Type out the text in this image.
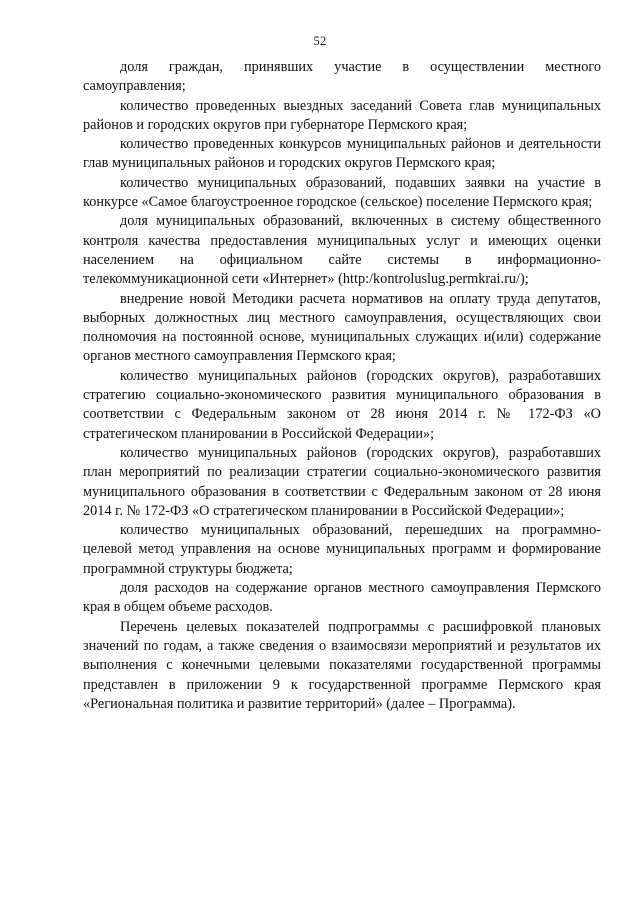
52

доля граждан, принявших участие в осуществлении местного самоуправления;

количество проведенных выездных заседаний Совета глав муниципальных районов и городских округов при губернаторе Пермского края;

количество проведенных конкурсов муниципальных районов и деятельности глав муниципальных районов и городских округов Пермского края;

количество муниципальных образований, подавших заявки на участие в конкурсе «Самое благоустроенное городское (сельское) поселение Пермского края;

доля муниципальных образований, включенных в систему общественного контроля качества предоставления муниципальных услуг и имеющих оценки населением на официальном сайте системы в информационно-телекоммуникационной сети «Интернет» (http:/kontroluslug.permkrai.ru/);

внедрение новой Методики расчета нормативов на оплату труда депутатов, выборных должностных лиц местного самоуправления, осуществляющих свои полномочия на постоянной основе, муниципальных служащих и(или) содержание органов местного самоуправления Пермского края;

количество муниципальных районов (городских округов), разработавших стратегию социально-экономического развития муниципального образования в соответствии с Федеральным законом от 28 июня 2014 г. № 172-ФЗ «О стратегическом планировании в Российской Федерации»;

количество муниципальных районов (городских округов), разработавших план мероприятий по реализации стратегии социально-экономического развития муниципального образования в соответствии с Федеральным законом от 28 июня 2014 г. № 172-ФЗ «О стратегическом планировании в Российской Федерации»;

количество муниципальных образований, перешедших на программно-целевой метод управления на основе муниципальных программ и формирование программной структуры бюджета;

доля расходов на содержание органов местного самоуправления Пермского края в общем объеме расходов.

Перечень целевых показателей подпрограммы с расшифровкой плановых значений по годам, а также сведения о взаимосвязи мероприятий и результатов их выполнения с конечными целевыми показателями государственной программы представлен в приложении 9 к государственной программе Пермского края «Региональная политика и развитие территорий» (далее – Программа).
